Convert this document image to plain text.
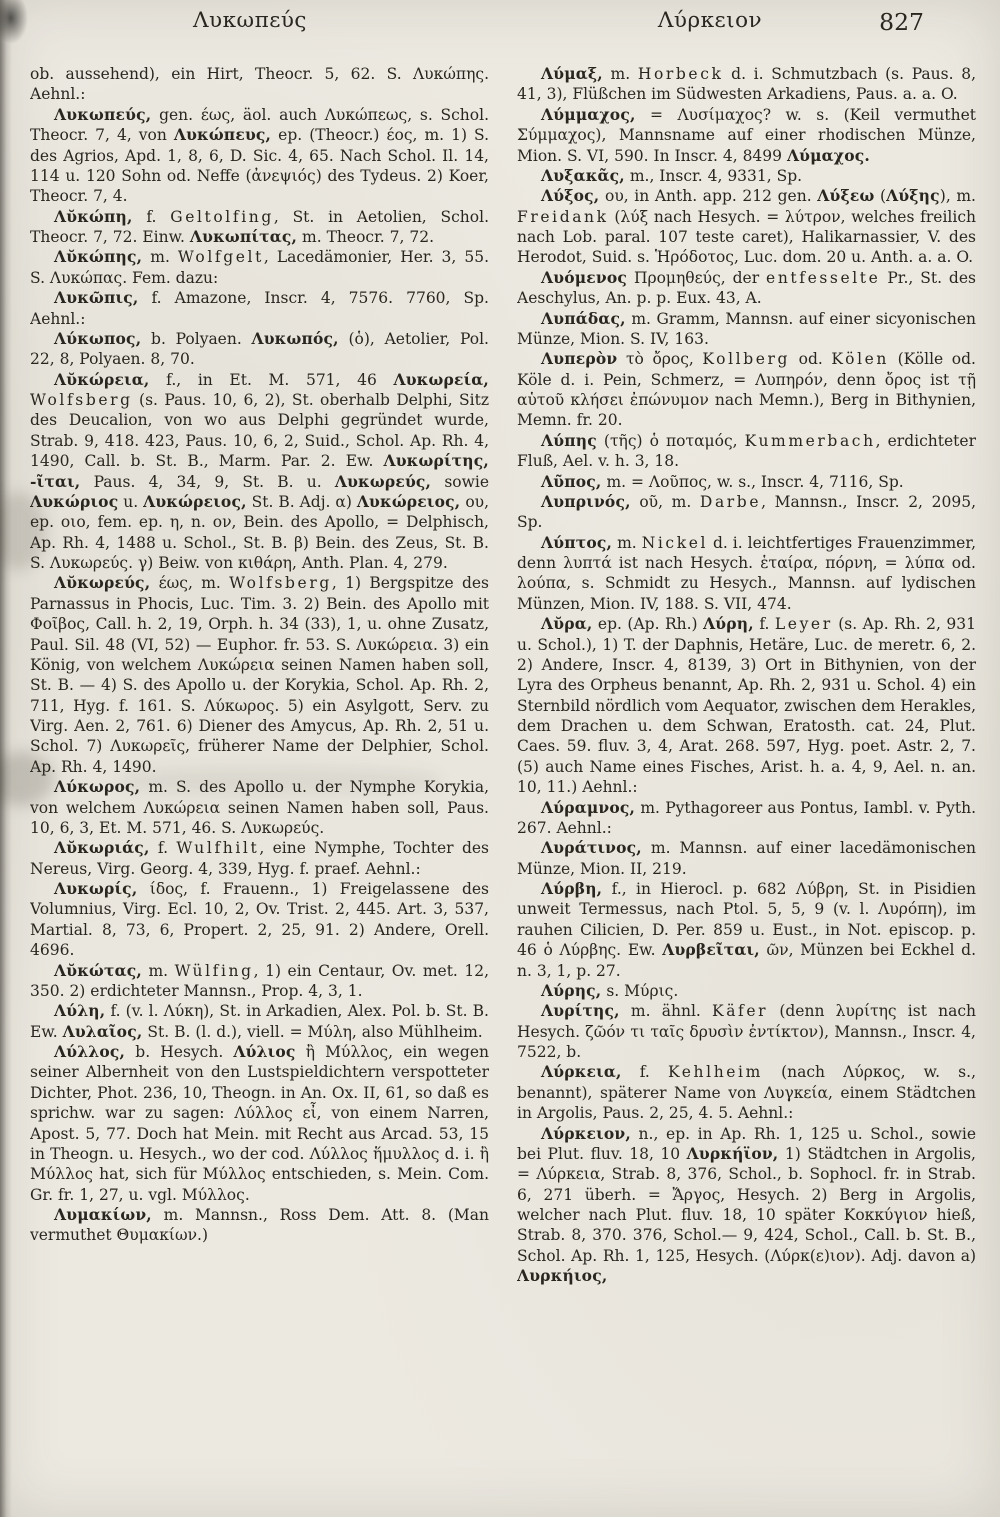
Λυκωπεύς	Λύρκειον	827

ob. aussehend), ein Hirt, Theocr. 5, 62. S. Λυκώπης. Aehnl.:

Λυκωπεύς, gen. έως, äol. auch Λυκώπεως, s. Schol. Theocr. 7, 4, von Λυκώπευς, ep. (Theocr.) έος, m. 1) S. des Agrios, Apd. 1, 8, 6, D. Sic. 4, 65. Nach Schol. Il. 14, 114 u. 120 Sohn od. Neffe (ἀνεψιός) des Tydeus. 2) Koer, Theocr. 7, 4.

Λῠκώπη, f. Geltolfing, St. in Aetolien, Schol. Theocr. 7, 72. Einw. Λυκωπίτας, m. Theocr. 7, 72.

Λῠκώπης, m. Wolfgelt, Lacedämonier, Her. 3, 55. S. Λυκώπας. Fem. dazu:

Λυκῶπις, f. Amazone, Inscr. 4, 7576. 7760, Sp. Aehnl.:

Λύκωπος, b. Polyaen. Λυκωπός, (ὁ), Aetolier, Pol. 22, 8, Polyaen. 8, 70.

Λῠκώρεια, f., in Et. M. 571, 46 Λυκωρεία, Wolfsberg (s. Paus. 10, 6, 2), St. oberhalb Delphi, Sitz des Deucalion, von wo aus Delphi gegründet wurde, Strab. 9, 418. 423, Paus. 10, 6, 2, Suid., Schol. Ap. Rh. 4, 1490, Call. b. St. B., Marm. Par. 2. Ew. Λυκωρίτης, -ῖται, Paus. 4, 34, 9, St. B. u. Λυκωρεύς, sowie Λυκώριος u. Λυκώρειος, St. B. Adj. α) Λυκώρειος, ου, ep. οιο, fem. ep. η, n. ον, Bein. des Apollo, = Delphisch, Ap. Rh. 4, 1488 u. Schol., St. B. β) Bein. des Zeus, St. B. S. Λυκωρεύς. γ) Beiw. von κιθάρη, Anth. Plan. 4, 279.

Λῠκωρεύς, έως, m. Wolfsberg, 1) Bergspitze des Parnassus in Phocis, Luc. Tim. 3. 2) Bein. des Apollo mit Φοῖβος, Call. h. 2, 19, Orph. h. 34 (33), 1, u. ohne Zusatz, Paul. Sil. 48 (VI, 52) — Euphor. fr. 53. S. Λυκώρεια. 3) ein König, von welchem Λυκώρεια seinen Namen haben soll, St. B. — 4) S. des Apollo u. der Korykia, Schol. Ap. Rh. 2, 711, Hyg. f. 161. S. Λύκωρος. 5) ein Asylgott, Serv. zu Virg. Aen. 2, 761. 6) Diener des Amycus, Ap. Rh. 2, 51 u. Schol. 7) Λυκωρεῖς, früherer Name der Delphier, Schol. Ap. Rh. 4, 1490.

Λύκωρος, m. S. des Apollo u. der Nymphe Korykia, von welchem Λυκώρεια seinen Namen haben soll, Paus. 10, 6, 3, Et. M. 571, 46. S. Λυκωρεύς.

Λῠκωριάς, f. Wulfhilt, eine Nymphe, Tochter des Nereus, Virg. Georg. 4, 339, Hyg. f. praef. Aehnl.:

Λυκωρίς, ίδος, f. Frauenn., 1) Freigelassene des Volumnius, Virg. Ecl. 10, 2, Ov. Trist. 2, 445. Art. 3, 537, Martial. 8, 73, 6, Propert. 2, 25, 91. 2) Andere, Orell. 4696.

Λῠκώτας, m. Wülfing, 1) ein Centaur, Ov. met. 12, 350. 2) erdichteter Mannsn., Prop. 4, 3, 1.

Λύλη, f. (v. l. Λύκη), St. in Arkadien, Alex. Pol. b. St. B. Ew. Λυλαῖος, St. B. (l. d.), viell. = Μύλη, also Mühlheim.

Λύλλος, b. Hesych. Λύλιος ἢ Μύλλος, ein wegen seiner Albernheit von den Lustspieldichtern verspotteter Dichter, Phot. 236, 10, Theogn. in An. Ox. II, 61, so daß es sprichw. war zu sagen: Λύλλος εἶ, von einem Narren, Apost. 5, 77. Doch hat Mein. mit Recht aus Arcad. 53, 15 in Theogn. u. Hesych., wo der cod. Λύλλος ἥμυλλος d. i. ἢ Μύλλος hat, sich für Μύλλος entschieden, s. Mein. Com. Gr. fr. 1, 27, u. vgl. Μύλλος.

Λυμακίων, m. Mannsn., Ross Dem. Att. 8. (Man vermuthet Θυμακίων.)

Λύμαξ, m. Horbeck d. i. Schmutzbach (s. Paus. 8, 41, 3), Flüßchen im Südwesten Arkadiens, Paus. a. a. O.

Λύμμαχος, = Λυσίμαχος? w. s. (Keil vermuthet Σύμμαχος), Mannsname auf einer rhodischen Münze, Mion. S. VI, 590. In Inscr. 4, 8499 Λύμαχος.

Λυξακᾶς, m., Inscr. 4, 9331, Sp.

Λύξος, ου, in Anth. app. 212 gen. Λύξεω (Λύξης), m. Freidank (λύξ nach Hesych. = λύτρον, welches freilich nach Lob. paral. 107 teste caret), Halikarnassier, V. des Herodot, Suid. s. Ἡρόδοτος, Luc. dom. 20 u. Anth. a. a. O.

Λυόμενος Προμηθεύς, der entfesselte Pr., St. des Aeschylus, An. p. p. Eux. 43, A.

Λυπάδας, m. Gramm, Mannsn. auf einer sicyonischen Münze, Mion. S. IV, 163.

Λυπερὸν τὸ ὄρος, Kollberg od. Kölen (Kölle od. Köle d. i. Pein, Schmerz, = Λυπηρόν, denn ὄρος ist τῇ αὑτοῦ κλήσει ἐπώνυμον nach Memn.), Berg in Bithynien, Memn. fr. 20.

Λύπης (τῆς) ὁ ποταμός, Kummerbach, erdichteter Fluß, Ael. v. h. 3, 18.

Λῦπος, m. = Λοῦπος, w. s., Inscr. 4, 7116, Sp.

Λυπρινός, οῦ, m. Darbe, Mannsn., Inscr. 2, 2095, Sp.

Λύπτος, m. Nickel d. i. leichtfertiges Frauenzimmer, denn λυπτά ist nach Hesych. ἑταίρα, πόρνη, = λύπα od. λούπα, s. Schmidt zu Hesych., Mannsn. auf lydischen Münzen, Mion. IV, 188. S. VII, 474.

Λῠρα, ep. (Ap. Rh.) Λύρη, f. Leyer (s. Ap. Rh. 2, 931 u. Schol.), 1) T. der Daphnis, Hetäre, Luc. de meretr. 6, 2. 2) Andere, Inscr. 4, 8139, 3) Ort in Bithynien, von der Lyra des Orpheus benannt, Ap. Rh. 2, 931 u. Schol. 4) ein Sternbild nördlich vom Aequator, zwischen dem Herakles, dem Drachen u. dem Schwan, Eratosth. cat. 24, Plut. Caes. 59. fluv. 3, 4, Arat. 268. 597, Hyg. poet. Astr. 2, 7. (5) auch Name eines Fisches, Arist. h. a. 4, 9, Ael. n. an. 10, 11.) Aehnl.:

Λύραμνος, m. Pythagoreer aus Pontus, Iambl. v. Pyth. 267. Aehnl.:

Λυράτινος, m. Mannsn. auf einer lacedämonischen Münze, Mion. II, 219.

Λύρβη, f., in Hierocl. p. 682 Λύβρη, St. in Pisidien unweit Termessus, nach Ptol. 5, 5, 9 (v. l. Λυρόπη), im rauhen Cilicien, D. Per. 859 u. Eust., in Not. episcop. p. 46 ὁ Λύρβης. Ew. Λυρβεῖται, ῶν, Münzen bei Eckhel d. n. 3, 1, p. 27.

Λύρης, s. Μύρις.

Λυρίτης, m. ähnl. Käfer (denn λυρίτης ist nach Hesych. ζῶόν τι ταῖς δρυσὶν ἐντίκτον), Mannsn., Inscr. 4, 7522, b.

Λύρκεια, f. Kehlheim (nach Λύρκος, w. s., benannt), späterer Name von Λυγκεία, einem Städtchen in Argolis, Paus. 2, 25, 4. 5. Aehnl.:

Λύρκειον, n., ep. in Ap. Rh. 1, 125 u. Schol., sowie bei Plut. fluv. 18, 10 Λυρκήϊον, 1) Städtchen in Argolis, = Λύρκεια, Strab. 8, 376, Schol., b. Sophocl. fr. in Strab. 6, 271 überh. = Ἄργος, Hesych. 2) Berg in Argolis, welcher nach Plut. fluv. 18, 10 später Κοκκύγιον hieß, Strab. 8, 370. 376, Schol.— 9, 424, Schol., Call. b. St. B., Schol. Ap. Rh. 1, 125, Hesych. (Λύρκ(ε)ιον). Adj. davon a) Λυρκήιος,
